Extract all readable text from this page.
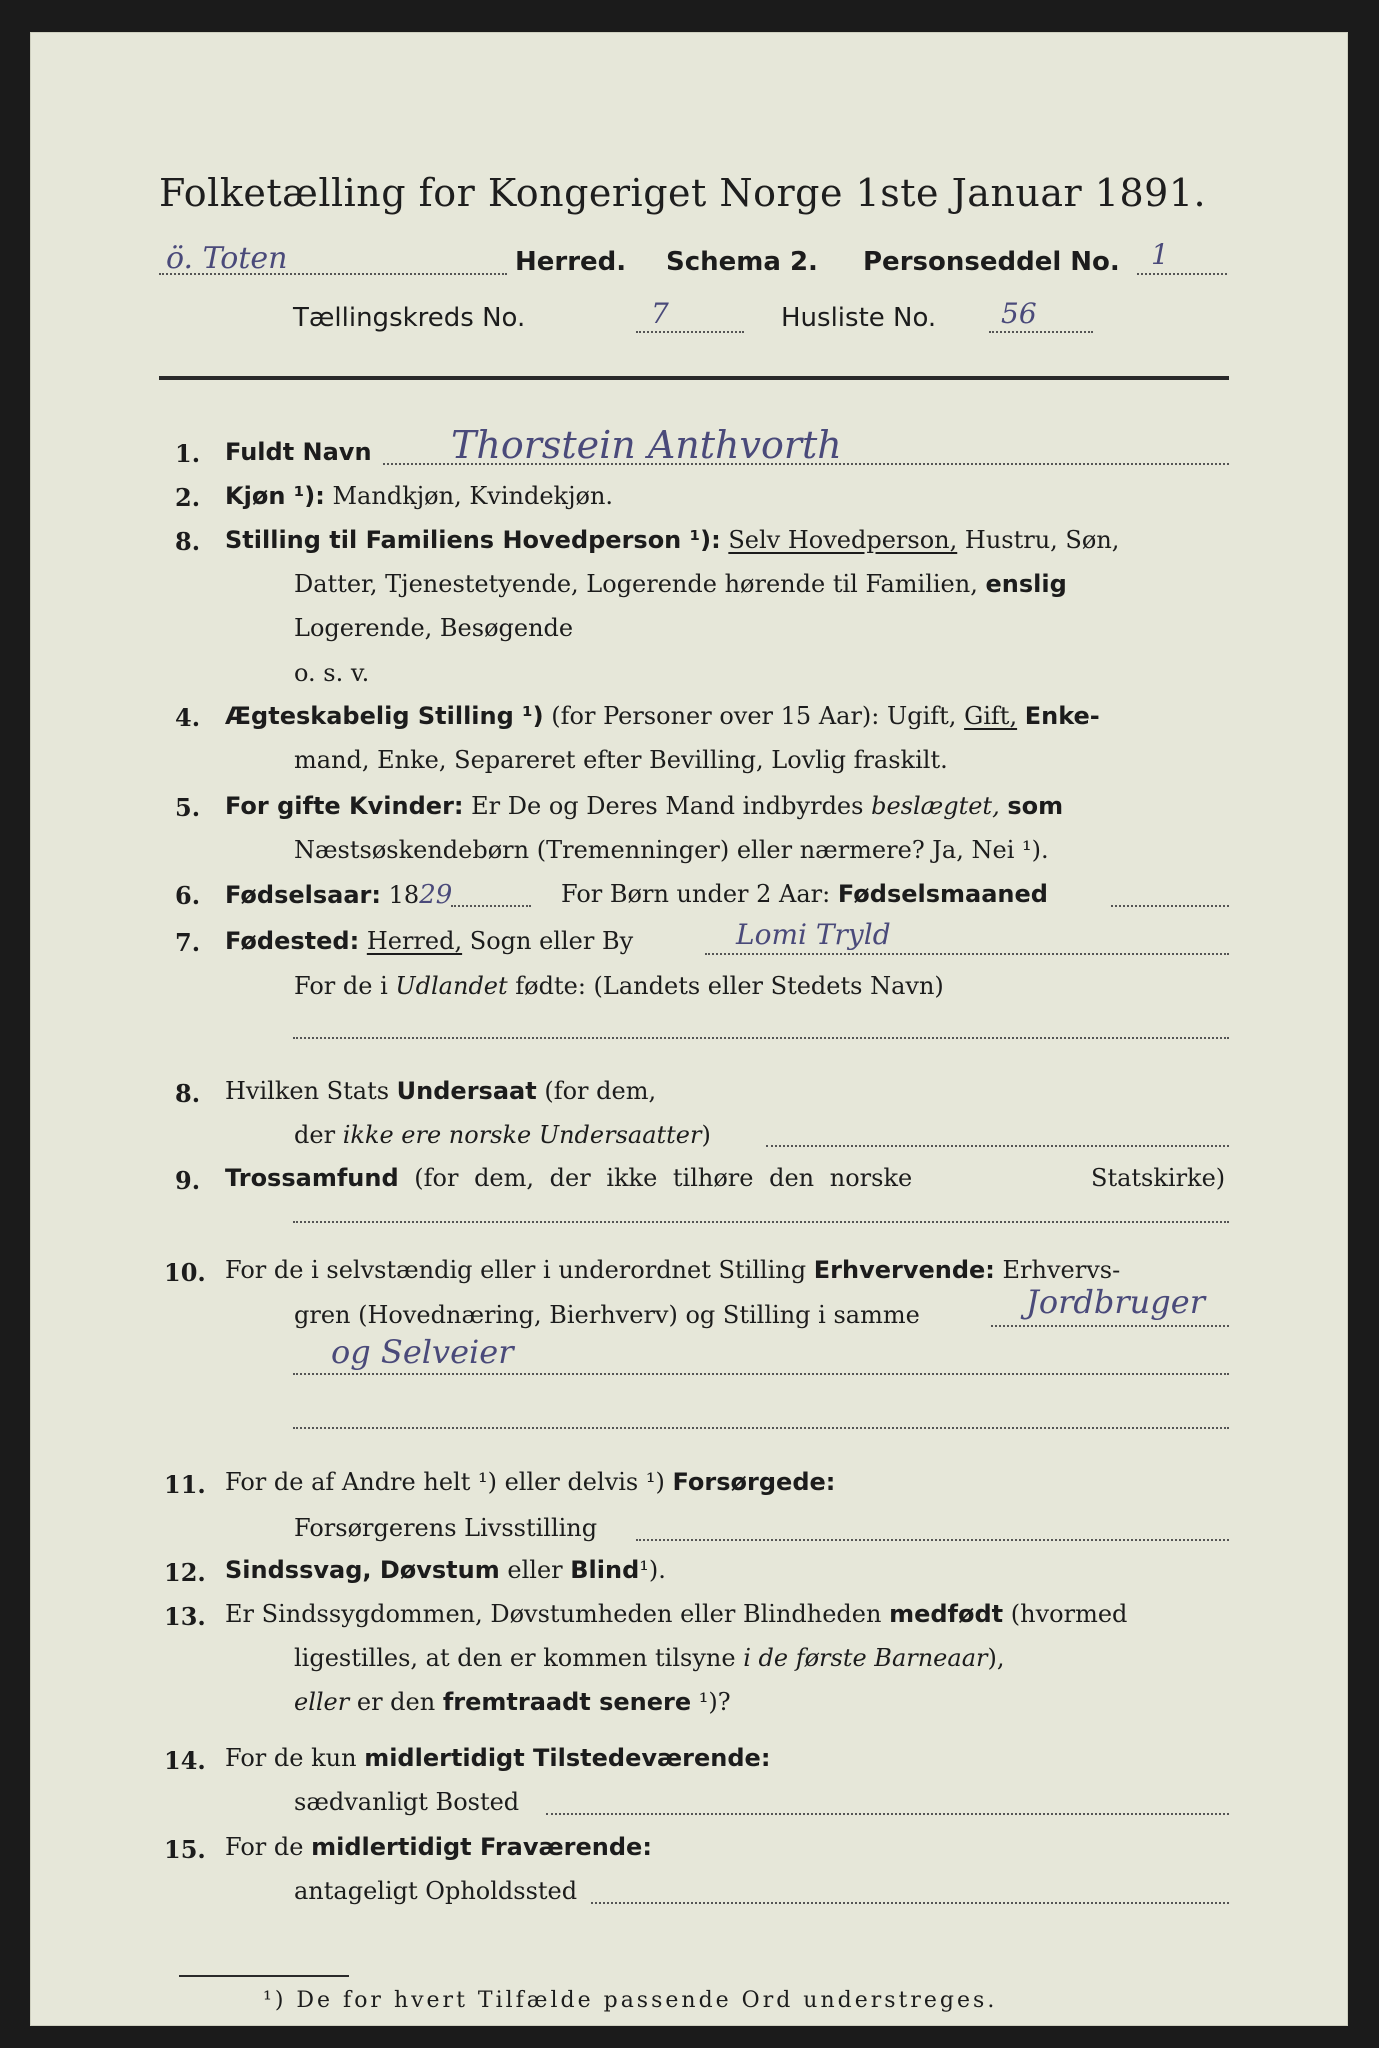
Folketælling for Kongeriget Norge 1ste Januar 1891.
ö. Toten	Herred. Schema 2. Personseddel No. 1
Tællingskreds No.	7	Husliste No. 56
1. Fuldt Navn Thorstein Anthvorth
2. Kjøn ¹): Mandkjøn, Kvindekjøn.
8. Stilling til Familiens Hovedperson ¹): Selv Hovedperson, Hustru, Søn,
Datter, Tjenestetyende, Logerende hørende til Familien, enslig
Logerende, Besøgende
o. s. v.
4. Ægteskabelig Stilling ¹) (for Personer over 15 Aar): Ugift, Gift, Enke-
mand, Enke, Separeret efter Bevilling, Lovlig fraskilt.
5. For gifte Kvinder: Er De og Deres Mand indbyrdes beslægtet, som
Næstsøskendebørn (Tremenninger) eller nærmere? Ja, Nei ¹).
6. Fødselsaar: 1829	For Børn under 2 Aar: Fødselsmaaned
7. Fødested: Herred, Sogn eller By	Lomi Tryld
For de i Udlandet fødte: (Landets eller Stedets Navn)
8. Hvilken Stats Undersaat (for dem,
der ikke ere norske Undersaatter)
9. Trossamfund (for dem, der ikke tilhøre den norske	Statskirke)
10. For de i selvstændig eller i underordnet Stilling Erhvervende: Erhvervs-
gren (Hovednæring, Bierhverv) og Stilling i samme	Jordbruger
og Selveier
11. For de af Andre helt ¹) eller delvis ¹) Forsørgede:
Forsørgerens Livsstilling
12. Sindssvag, Døvstum eller Blind¹).
13. Er Sindssygdommen, Døvstumheden eller Blindheden medfødt (hvormed
ligestilles, at den er kommen tilsyne i de første Barneaar),
eller er den fremtraadt senere ¹)?
14. For de kun midlertidigt Tilstedeværende:
sædvanligt Bosted
15. For de midlertidigt Fraværende:
antageligt Opholdssted
¹) De for hvert Tilfælde passende Ord understreges.
